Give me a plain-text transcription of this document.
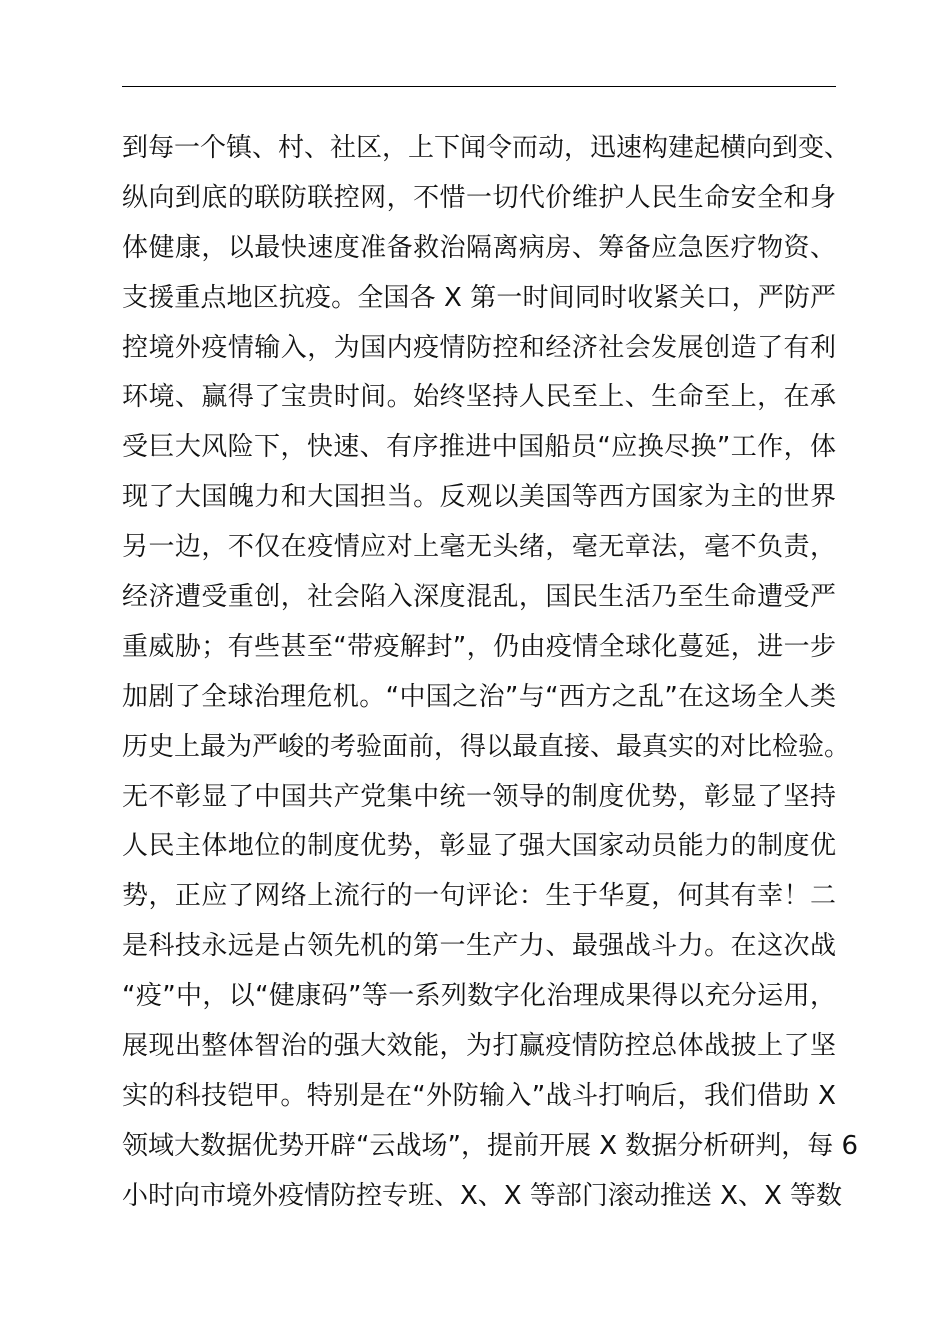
到每一个镇、村、社区，上下闻令而动，迅速构建起横向到变、
纵向到底的联防联控网，不惜一切代价维护人民生命安全和身
体健康，以最快速度准备救治隔离病房、筹备应急医疗物资、
支援重点地区抗疫。全国各 X 第一时间同时收紧关口，严防严
控境外疫情输入，为国内疫情防控和经济社会发展创造了有利
环境、赢得了宝贵时间。始终坚持人民至上、生命至上，在承
受巨大风险下，快速、有序推进中国船员“应换尽换”工作，体
现了大国魄力和大国担当。反观以美国等西方国家为主的世界
另一边，不仅在疫情应对上毫无头绪，毫无章法，毫不负责，
经济遭受重创，社会陷入深度混乱，国民生活乃至生命遭受严
重威胁；有些甚至“带疫解封”，仍由疫情全球化蔓延，进一步
加剧了全球治理危机。“中国之治”与“西方之乱”在这场全人类
历史上最为严峻的考验面前，得以最直接、最真实的对比检验。
无不彰显了中国共产党集中统一领导的制度优势，彰显了坚持
人民主体地位的制度优势，彰显了强大国家动员能力的制度优
势，正应了网络上流行的一句评论：生于华夏，何其有幸！二
是科技永远是占领先机的第一生产力、最强战斗力。在这次战
“疫”中，以“健康码”等一系列数字化治理成果得以充分运用，
展现出整体智治的强大效能，为打赢疫情防控总体战披上了坚
实的科技铠甲。特别是在“外防输入”战斗打响后，我们借助 X
领域大数据优势开辟“云战场”，提前开展 X 数据分析研判，每 6
小时向市境外疫情防控专班、X、X 等部门滚动推送 X、X 等数
